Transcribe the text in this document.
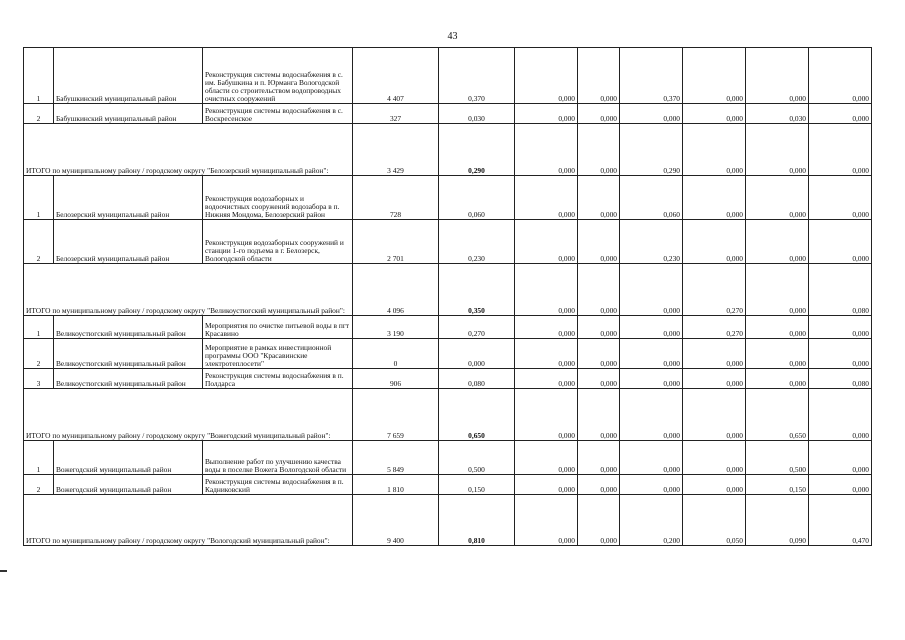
43
1	Бабушкинский муниципальный район	Реконструкция системы водоснабжения в с. им. Бабушкина и п. Юрманга Вологодской области со строительством водопроводных очистных сооружений	4 407	0,370	0,000	0,000	0,370	0,000	0,000	0,000
2	Бабушкинский муниципальный район	Реконструкция системы водоснабжения в с. Воскресенское	327	0,030	0,000	0,000	0,000	0,000	0,030	0,000
ИТОГО по муниципальному району / городскому округу "Белозерский муниципальный район":			3 429	0,290	0,000	0,000	0,290	0,000	0,000	0,000
1	Белозерский муниципальный район	Реконструкция водозаборных и водоочистных сооружений водозабора в п. Нижняя Мондома, Белозерский район	728	0,060	0,000	0,000	0,060	0,000	0,000	0,000
2	Белозерский муниципальный район	Реконструкция водозаборных сооружений и станции 1-го подъема в г. Белозерск, Вологодской области	2 701	0,230	0,000	0,000	0,230	0,000	0,000	0,000
ИТОГО по муниципальному району / городскому округу "Великоустюгский муниципальный район":			4 096	0,350	0,000	0,000	0,000	0,270	0,000	0,080
1	Великоустюгский муниципальный район	Мероприятия по очистке питьевой воды в пгт Красавино	3 190	0,270	0,000	0,000	0,000	0,270	0,000	0,000
2	Великоустюгский муниципальный район	Мероприятие в рамках инвестиционной программы ООО "Красавинские электротеплосети"	0	0,000	0,000	0,000	0,000	0,000	0,000	0,000
3	Великоустюгский муниципальный район	Реконструкция системы водоснабжения в п. Полдарса	906	0,080	0,000	0,000	0,000	0,000	0,000	0,080
ИТОГО по муниципальному району / городскому округу "Вожегодский муниципальный район":			7 659	0,650	0,000	0,000	0,000	0,000	0,650	0,000
1	Вожегодский муниципальный район	Выполнение работ по улучшению качества воды в поселке Вожега Вологодской области	5 849	0,500	0,000	0,000	0,000	0,000	0,500	0,000
2	Вожегодский муниципальный район	Реконструкция системы водоснабжения в п. Кадниковский	1 810	0,150	0,000	0,000	0,000	0,000	0,150	0,000
ИТОГО по муниципальному району / городскому округу "Вологодский муниципальный район":			9 400	0,810	0,000	0,000	0,200	0,050	0,090	0,470
